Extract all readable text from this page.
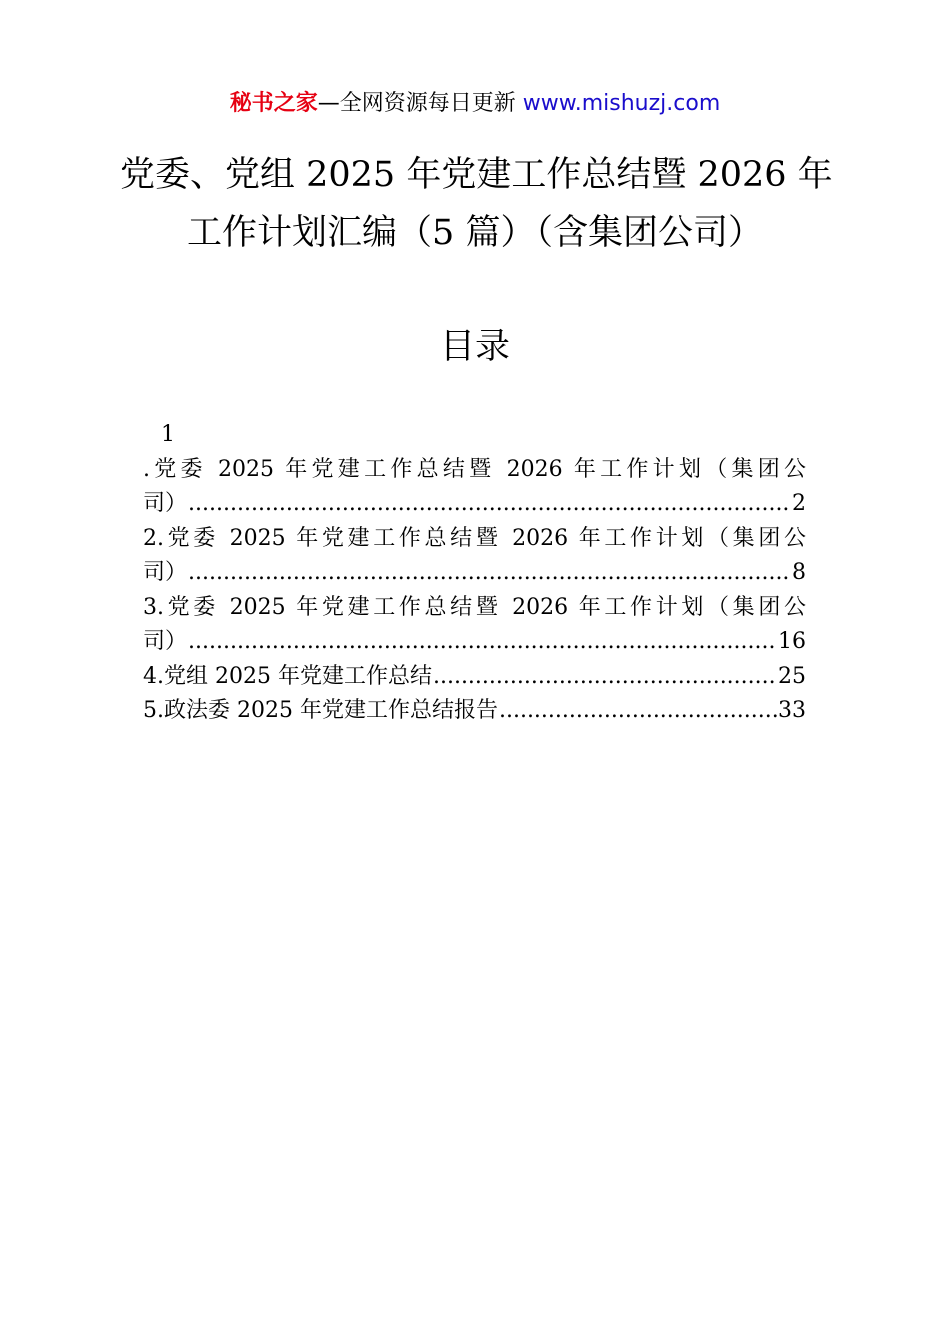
秘书之家—全网资源每日更新 www.mishuzj.com
党委、党组 2025 年党建工作总结暨 2026 年
工作计划汇编（5 篇）（含集团公司）
目录
1
.党委 2025 年党建工作总结暨 2026 年工作计划（集团公
司） .....	2
2.党委 2025 年党建工作总结暨 2026 年工作计划（集团公
司） .....	8
3.党委 2025 年党建工作总结暨 2026 年工作计划（集团公
司） .....	16
4.党组 2025 年党建工作总结 .....	25
5.政法委 2025 年党建工作总结报告 .....	33
